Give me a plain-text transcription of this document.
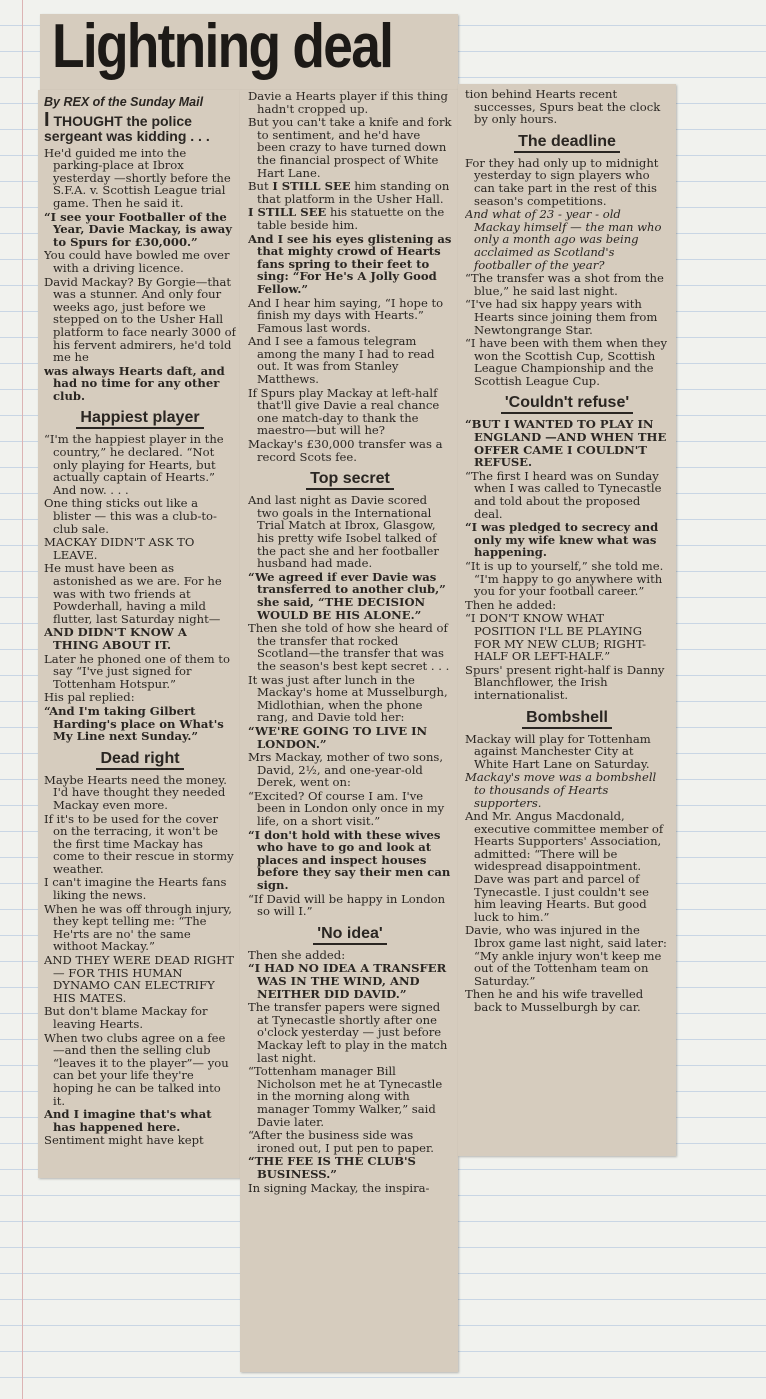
Lightning deal
By REX of the Sunday Mail
I THOUGHT the police sergeant was kidding . . .

He'd guided me into the parking-place at Ibrox yesterday —shortly before the S.F.A. v. Scottish League trial game. Then he said it.

“I see your Footballer of the Year, Davie Mackay, is away to Spurs for £30,000.”

You could have bowled me over with a driving licence.

David Mackay? By Gorgie—that was a stunner. And only four weeks ago, just before we stepped on to the Usher Hall platform to face nearly 3000 of his fervent admirers, he'd told me he

was always Hearts daft, and had no time for any other club.

Happiest player

“I'm the happiest player in the country,” he declared. “Not only playing for Hearts, but actually captain of Hearts.” And now. . . .

One thing sticks out like a blister — this was a club-to-club sale.

MACKAY DIDN'T ASK TO LEAVE.

He must have been as astonished as we are. For he was with two friends at Powderhall, having a mild flutter, last Saturday night—

AND DIDN'T KNOW A THING ABOUT IT.

Later he phoned one of them to say “I've just signed for Tottenham Hotspur.”

His pal replied:

“And I'm taking Gilbert Harding's place on What's My Line next Sunday.”

Dead right

Maybe Hearts need the money. I'd have thought they needed Mackay even more.

If it's to be used for the cover on the terracing, it won't be the first time Mackay has come to their rescue in stormy weather.

I can't imagine the Hearts fans liking the news.

When he was off through injury, they kept telling me: “The He'rts are no' the same withoot Mackay.”

AND THEY WERE DEAD RIGHT — FOR THIS HUMAN DYNAMO CAN ELECTRIFY HIS MATES.

But don't blame Mackay for leaving Hearts.

When two clubs agree on a fee —and then the selling club “leaves it to the player”— you can bet your life they're hoping he can be talked into it.

And I imagine that's what has happened here.

Sentiment might have kept

Davie a Hearts player if this thing hadn't cropped up.

But you can't take a knife and fork to sentiment, and he'd have been crazy to have turned down the financial prospect of White Hart Lane.

But I STILL SEE him standing on that platform in the Usher Hall.

I STILL SEE his statuette on the table beside him.

And I see his eyes glistening as that mighty crowd of Hearts fans spring to their feet to sing: “For He's A Jolly Good Fellow.”

And I hear him saying, “I hope to finish my days with Hearts.” Famous last words.

And I see a famous telegram among the many I had to read out. It was from Stanley Matthews.

If Spurs play Mackay at left-half that'll give Davie a real chance one match-day to thank the maestro—but will he?

Mackay's £30,000 transfer was a record Scots fee.

Top secret

And last night as Davie scored two goals in the International Trial Match at Ibrox, Glasgow, his pretty wife Isobel talked of the pact she and her footballer husband had made.

“We agreed if ever Davie was transferred to another club,” she said, “THE DECISION WOULD BE HIS ALONE.”

Then she told of how she heard of the transfer that rocked Scotland—the transfer that was the season's best kept secret . . .

It was just after lunch in the Mackay's home at Musselburgh, Midlothian, when the phone rang, and Davie told her:

“WE'RE GOING TO LIVE IN LONDON.”

Mrs Mackay, mother of two sons, David, 2½, and one-year-old Derek, went on:

“Excited? Of course I am. I've been in London only once in my life, on a short visit.”

“I don't hold with these wives who have to go and look at places and inspect houses before they say their men can sign.

“If David will be happy in London so will I.”

'No idea'

Then she added:

“I HAD NO IDEA A TRANSFER WAS IN THE WIND, AND NEITHER DID DAVID.”

The transfer papers were signed at Tynecastle shortly after one o'clock yesterday — just before Mackay left to play in the match last night.

“Tottenham manager Bill Nicholson met he at Tynecastle in the morning along with manager Tommy Walker,” said Davie later.

“After the business side was ironed out, I put pen to paper.

“THE FEE IS THE CLUB'S BUSINESS.”

In signing Mackay, the inspira-

tion behind Hearts recent successes, Spurs beat the clock by only hours.

The deadline

For they had only up to midnight yesterday to sign players who can take part in the rest of this season's competitions.

And what of 23 - year - old Mackay himself — the man who only a month ago was being acclaimed as Scotland's footballer of the year?

“The transfer was a shot from the blue,” he said last night.

“I've had six happy years with Hearts since joining them from Newtongrange Star.

“I have been with them when they won the Scottish Cup, Scottish League Championship and the Scottish League Cup.

'Couldn't refuse'

“BUT I WANTED TO PLAY IN ENGLAND —AND WHEN THE OFFER CAME I COULDN'T REFUSE.

“The first I heard was on Sunday when I was called to Tynecastle and told about the proposed deal.

“I was pledged to secrecy and only my wife knew what was happening.

“It is up to yourself,” she told me. “I'm happy to go anywhere with you for your football career.”

Then he added:

“I DON'T KNOW WHAT POSITION I'LL BE PLAYING FOR MY NEW CLUB; RIGHT-HALF OR LEFT-HALF.”

Spurs' present right-half is Danny Blanchflower, the Irish internationalist.

Bombshell

Mackay will play for Tottenham against Manchester City at White Hart Lane on Saturday.

Mackay's move was a bombshell to thousands of Hearts supporters.

And Mr. Angus Macdonald, executive committee member of Hearts Supporters' Association, admitted: “There will be widespread disappointment. Dave was part and parcel of Tynecastle. I just couldn't see him leaving Hearts. But good luck to him.”

Davie, who was injured in the Ibrox game last night, said later: “My ankle injury won't keep me out of the Tottenham team on Saturday.”

Then he and his wife travelled back to Musselburgh by car.
